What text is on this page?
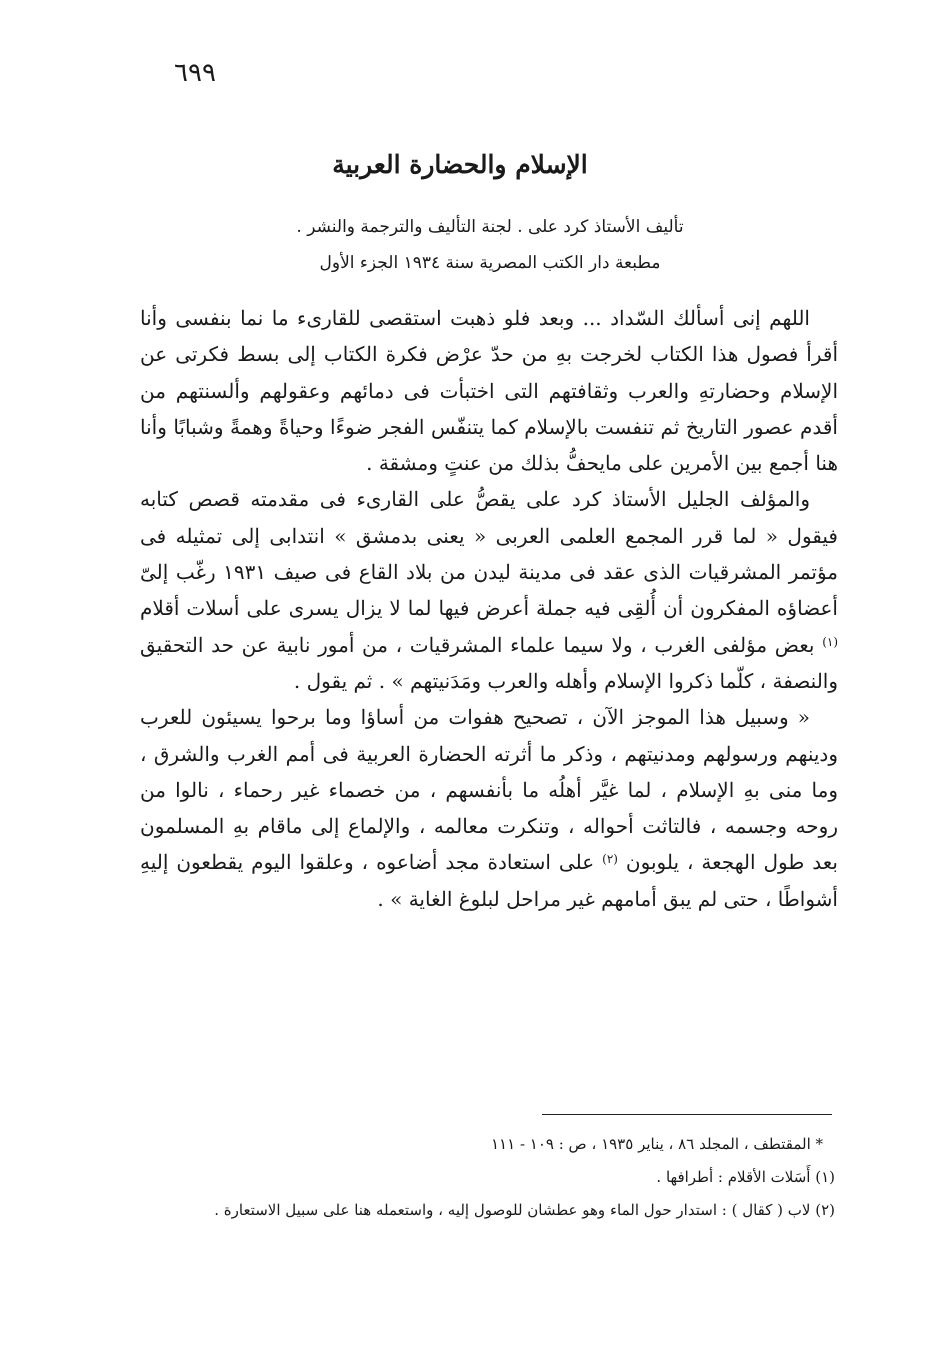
٦٩٩
الإسلام والحضارة العربية
تأليف الأستاذ كرد على . لجنة التأليف والترجمة والنشر .
مطبعة دار الكتب المصرية سنة ١٩٣٤ الجزء الأول

اللهم إنى أسألك السّداد ... وبعد فلو ذهبت استقصى للقارىء ما نما بنفسى وأنا أقرأ فصول هذا الكتاب لخرجت بهِ من حدّ عرْض فكرة الكتاب إلى بسط فكرتى عن الإسلام وحضارتهِ والعرب وثقافتهم التى اختبأت فى دمائهم وعقولهم وألسنتهم من أقدم عصور التاريخ ثم تنفست بالإسلام كما يتنفّس الفجر ضوءًا وحياةً وهمةً وشبابًا وأنا هنا أجمع بين الأمرين على مايحفُّ بذلك من عنتٍ ومشقة .

والمؤلف الجليل الأستاذ كرد على يقصُّ على القارىء فى مقدمته قصص كتابه فيقول « لما قرر المجمع العلمى العربى « يعنى بدمشق » انتدابى إلى تمثيله فى مؤتمر المشرقيات الذى عقد فى مدينة ليدن من بلاد القاع فى صيف ١٩٣١ رغّب إلىّ أعضاؤه المفكرون أن أُلقِى فيه جملة أعرض فيها لما لا يزال يسرى على أسلات أقلام $^{(١)}$ بعض مؤلفى الغرب ، ولا سيما علماء المشرقيات ، من أمور نابية عن حد التحقيق والنصفة ، كلّما ذكروا الإسلام وأهله والعرب ومَدَنيتهم » . ثم يقول .

« وسبيل هذا الموجز الآن ، تصحيح هفوات من أساؤا وما برحوا يسيئون للعرب ودينهم ورسولهم ومدنيتهم ، وذكر ما أثرته الحضارة العربية فى أمم الغرب والشرق ، وما منى بهِ الإسلام ، لما غيَّر أهلُه ما بأنفسهم ، من خصماء غير رحماء ، نالوا من روحه وجسمه ، فالتاثت أحواله ، وتنكرت معالمه ، والإلماع إلى ماقام بهِ المسلمون بعد طول الهجعة ، يلوبون $^{(٢)}$ على استعادة مجد أضاعوه ، وعلقوا اليوم يقطعون إليهِ أشواطًا ، حتى لم يبق أمامهم غير مراحل لبلوغ الغاية » .

* المقتطف ، المجلد ٨٦ ، يناير ١٩٣٥ ، ص : ١٠٩ - ١١١

(١) أَسَلات الأقلام : أطرافها .

(٢) لاب ( كقال ) : استدار حول الماء وهو عطشان للوصول إليه ، واستعمله هنا على سبيل الاستعارة .
